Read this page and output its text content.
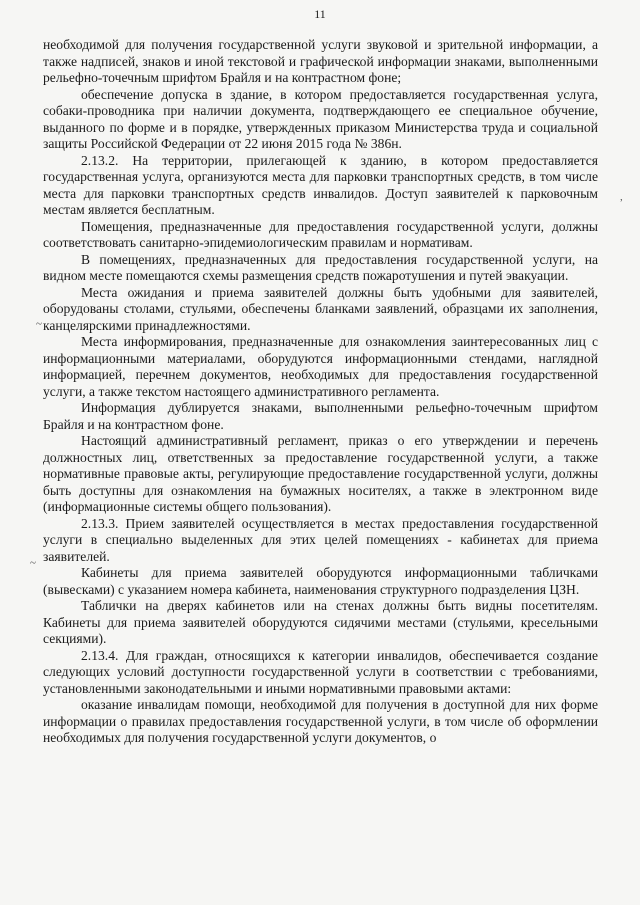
11
~
~
,

необходимой для получения государственной услуги звуковой и зрительной информации, а также надписей, знаков и иной текстовой и графической информации знаками, выполненными рельефно-точечным шрифтом Брайля и на контрастном фоне;

обеспечение допуска в здание, в котором предоставляется государственная услуга, собаки-проводника при наличии документа, подтверждающего ее специальное обучение, выданного по форме и в порядке, утвержденных приказом Министерства труда и социальной защиты Российской Федерации от 22 июня 2015 года № 386н.

2.13.2. На территории, прилегающей к зданию, в котором предоставляется государственная услуга, организуются места для парковки транспортных средств, в том числе места для парковки транспортных средств инвалидов. Доступ заявителей к парковочным местам является бесплатным.

Помещения, предназначенные для предоставления государственной услуги, должны соответствовать санитарно-эпидемиологическим правилам и нормативам.

В помещениях, предназначенных для предоставления государственной услуги, на видном месте помещаются схемы размещения средств пожаротушения и путей эвакуации.

Места ожидания и приема заявителей должны быть удобными для заявителей, оборудованы столами, стульями, обеспечены бланками заявлений, образцами их заполнения, канцелярскими принадлежностями.

Места информирования, предназначенные для ознакомления заинтересованных лиц с информационными материалами, оборудуются информационными стендами, наглядной информацией, перечнем документов, необходимых для предоставления государственной услуги, а также текстом настоящего административного регламента.

Информация дублируется знаками, выполненными рельефно-точечным шрифтом Брайля и на контрастном фоне.

Настоящий административный регламент, приказ о его утверждении и перечень должностных лиц, ответственных за предоставление государственной услуги, а также нормативные правовые акты, регулирующие предоставление государственной услуги, должны быть доступны для ознакомления на бумажных носителях, а также в электронном виде (информационные системы общего пользования).

2.13.3. Прием заявителей осуществляется в местах предоставления государственной услуги в специально выделенных для этих целей помещениях - кабинетах для приема заявителей.

Кабинеты для приема заявителей оборудуются информационными табличками (вывесками) с указанием номера кабинета, наименования структурного подразделения ЦЗН.

Таблички на дверях кабинетов или на стенах должны быть видны посетителям. Кабинеты для приема заявителей оборудуются сидячими местами (стульями, кресельными секциями).

2.13.4. Для граждан, относящихся к категории инвалидов, обеспечивается создание следующих условий доступности государственной услуги в соответствии с требованиями, установленными законодательными и иными нормативными правовыми актами:

оказание инвалидам помощи, необходимой для получения в доступной для них форме информации о правилах предоставления государственной услуги, в том числе об оформлении необходимых для получения государственной услуги документов, о
